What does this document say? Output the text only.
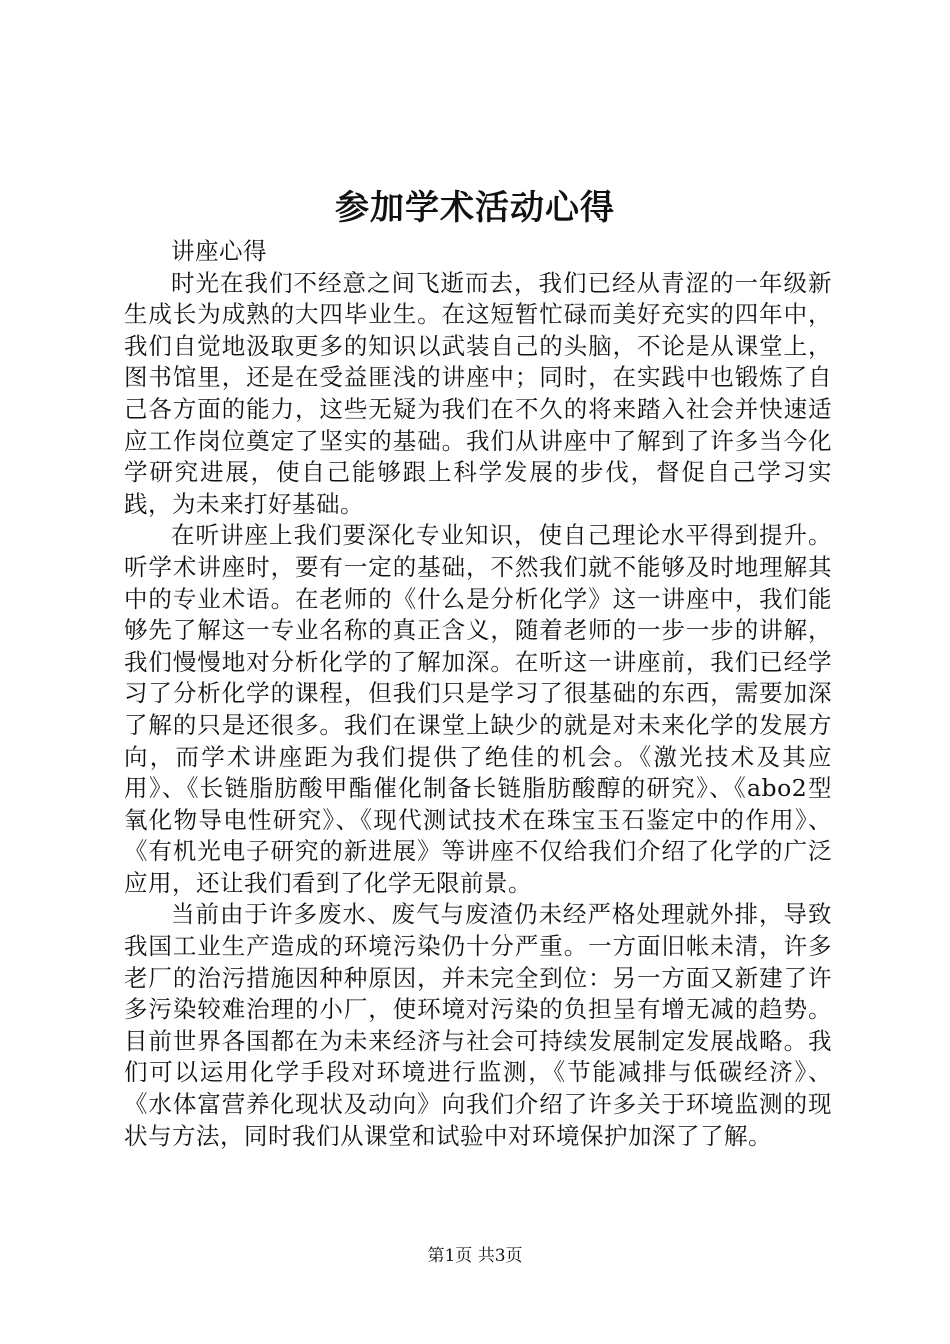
参加学术活动心得
讲座心得

时光在我们不经意之间飞逝而去，我们已经从青涩的一年级新生成长为成熟的大四毕业生。在这短暂忙碌而美好充实的四年中，我们自觉地汲取更多的知识以武装自己的头脑，不论是从课堂上，图书馆里，还是在受益匪浅的讲座中；同时，在实践中也锻炼了自己各方面的能力，这些无疑为我们在不久的将来踏入社会并快速适应工作岗位奠定了坚实的基础。我们从讲座中了解到了许多当今化学研究进展，使自己能够跟上科学发展的步伐，督促自己学习实践，为未来打好基础。

在听讲座上我们要深化专业知识，使自己理论水平得到提升。听学术讲座时，要有一定的基础，不然我们就不能够及时地理解其中的专业术语。在老师的《什么是分析化学》这一讲座中，我们能够先了解这一专业名称的真正含义，随着老师的一步一步的讲解，我们慢慢地对分析化学的了解加深。在听这一讲座前，我们已经学习了分析化学的课程，但我们只是学习了很基础的东西，需要加深了解的只是还很多。我们在课堂上缺少的就是对未来化学的发展方向，而学术讲座距为我们提供了绝佳的机会。《激光技术及其应用》、《长链脂肪酸甲酯催化制备长链脂肪酸醇的研究》、《abo2型氧化物导电性研究》、《现代测试技术在珠宝玉石鉴定中的作用》、《有机光电子研究的新进展》等讲座不仅给我们介绍了化学的广泛应用，还让我们看到了化学无限前景。

当前由于许多废水、废气与废渣仍未经严格处理就外排，导致我国工业生产造成的环境污染仍十分严重。一方面旧帐未清，许多老厂的治污措施因种种原因，并未完全到位：另一方面又新建了许多污染较难治理的小厂，使环境对污染的负担呈有增无减的趋势。目前世界各国都在为未来经济与社会可持续发展制定发展战略。我们可以运用化学手段对环境进行监测，《节能减排与低碳经济》、《水体富营养化现状及动向》向我们介绍了许多关于环境监测的现状与方法，同时我们从课堂和试验中对环境保护加深了了解。

第1页 共3页
